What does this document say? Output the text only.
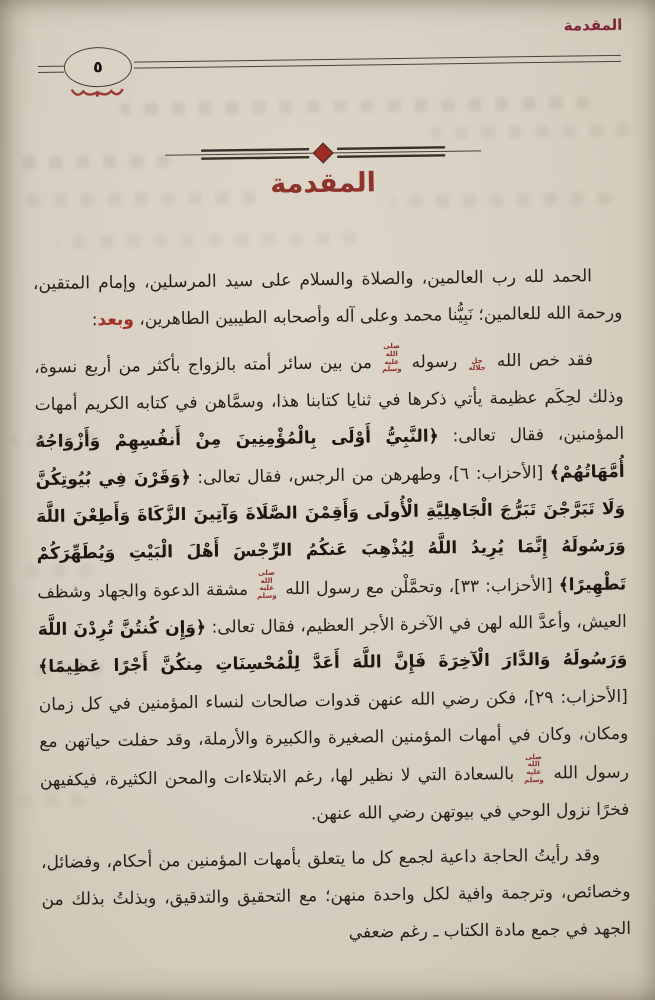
المقدمة
٥
المقدمة

الحمد لله رب العالمين، والصلاة والسلام على سيد المرسلين، وإمام المتقين، ورحمة الله للعالمين؛ نَبِيُّنا محمد وعلى آله وأصحابه الطيبين الطاهرين، وبعد:

فقد خص الله جل جلاله رسوله صلى الله عليه وسلم من بين سائر أمته بالزواج بأكثر من أربع نسوة، وذلك لحِكَم عظيمة يأتي ذكرها في ثنايا كتابنا هذا، وسمَّاهن في كتابه الكريم أمهات المؤمنين، فقال تعالى: ﴿النَّبِيُّ أَوْلَى بِالْمُؤْمِنِينَ مِنْ أَنفُسِهِمْ وَأَزْوَاجُهُ أُمَّهَاتُهُمْ﴾ [الأحزاب: ٦]، وطهرهن من الرجس، فقال تعالى: ﴿وَقَرْنَ فِي بُيُوتِكُنَّ وَلَا تَبَرَّجْنَ تَبَرُّجَ الْجَاهِلِيَّةِ الْأُولَى وَأَقِمْنَ الصَّلَاةَ وَآتِينَ الزَّكَاةَ وَأَطِعْنَ اللَّهَ وَرَسُولَهُ إِنَّمَا يُرِيدُ اللَّهُ لِيُذْهِبَ عَنكُمُ الرِّجْسَ أَهْلَ الْبَيْتِ وَيُطَهِّرَكُمْ تَطْهِيرًا﴾ [الأحزاب: ٣٣]، وتحمَّلْن مع رسول الله صلى الله عليه وسلم مشقة الدعوة والجهاد وشظف العيش، وأعدَّ الله لهن في الآخرة الأجر العظيم، فقال تعالى: ﴿وَإِن كُنتُنَّ تُرِدْنَ اللَّهَ وَرَسُولَهُ وَالدَّارَ الْآخِرَةَ فَإِنَّ اللَّهَ أَعَدَّ لِلْمُحْسِنَاتِ مِنكُنَّ أَجْرًا عَظِيمًا﴾ [الأحزاب: ٢٩]، فكن رضي الله عنهن قدوات صالحات لنساء المؤمنين في كل زمان ومكان، وكان في أمهات المؤمنين الصغيرة والكبيرة والأرملة، وقد حفلت حياتهن مع رسول الله صلى الله عليه وسلم بالسعادة التي لا نظير لها، رغم الابتلاءات والمحن الكثيرة، فيكفيهن فخرًا نزول الوحي في بيوتهن رضي الله عنهن.

وقد رأيتُ الحاجة داعية لجمع كل ما يتعلق بأمهات المؤمنين من أحكام، وفضائل، وخصائص، وترجمة وافية لكل واحدة منهن؛ مع التحقيق والتدقيق، وبذلتُ بذلك من الجهد في جمع مادة الكتاب ـ رغم ضعفي
